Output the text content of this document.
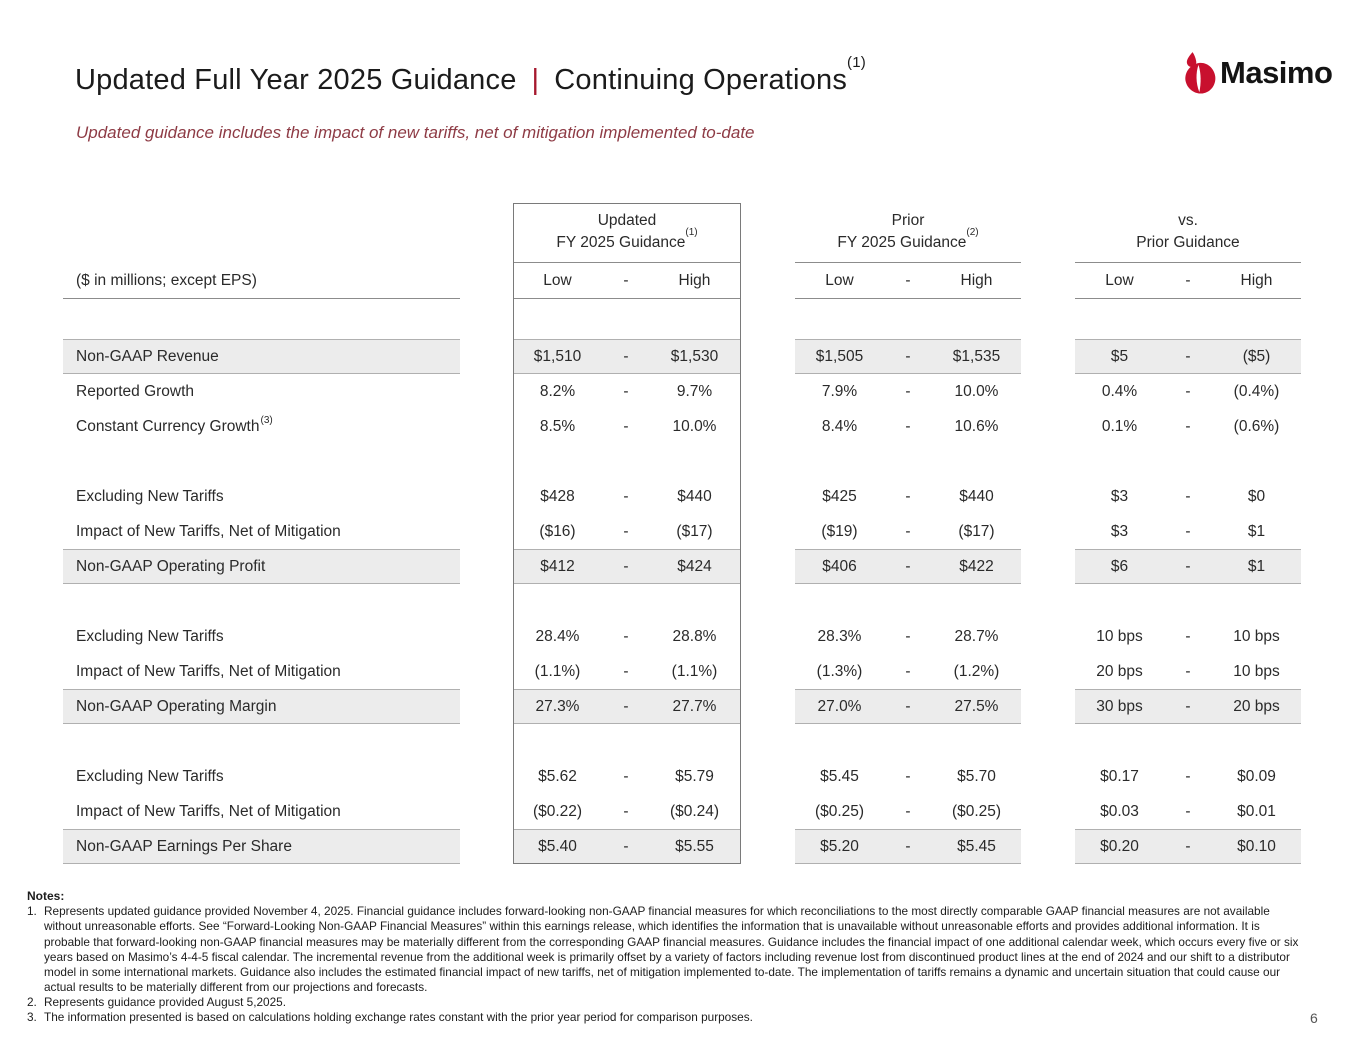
Updated Full Year 2025 Guidance | Continuing Operations$^{(1)}$
Updated guidance includes the impact of new tariffs, net of mitigation implemented to-date
Masimo
Updated
FY 2025 Guidance$^{(1)}$
Prior
FY 2025 Guidance$^{(2)}$
vs.
Prior Guidance
($ in millions; except EPS)	Low	-	High	Low	-	High	Low	-	High
Non-GAAP Revenue	$1,510	-	$1,530	$1,505	-	$1,535	$5	-	($5)
Reported Growth	8.2%	-	9.7%	7.9%	-	10.0%	0.4%	-	(0.4%)
Constant Currency Growth$^{(3)}$	8.5%	-	10.0%	8.4%	-	10.6%	0.1%	-	(0.6%)
Excluding New Tariffs	$428	-	$440	$425	-	$440	$3	-	$0
Impact of New Tariffs, Net of Mitigation	($16)	-	($17)	($19)	-	($17)	$3	-	$1
Non-GAAP Operating Profit	$412	-	$424	$406	-	$422	$6	-	$1
Excluding New Tariffs	28.4%	-	28.8%	28.3%	-	28.7%	10 bps	-	10 bps
Impact of New Tariffs, Net of Mitigation	(1.1%)	-	(1.1%)	(1.3%)	-	(1.2%)	20 bps	-	10 bps
Non-GAAP Operating Margin	27.3%	-	27.7%	27.0%	-	27.5%	30 bps	-	20 bps
Excluding New Tariffs	$5.62	-	$5.79	$5.45	-	$5.70	$0.17	-	$0.09
Impact of New Tariffs, Net of Mitigation	($0.22)	-	($0.24)	($0.25)	-	($0.25)	$0.03	-	$0.01
Non-GAAP Earnings Per Share	$5.40	-	$5.55	$5.20	-	$5.45	$0.20	-	$0.10
Notes:
1. Represents updated guidance provided November 4, 2025. Financial guidance includes forward-looking non-GAAP financial measures for which reconciliations to the most directly comparable GAAP financial measures are not available without unreasonable efforts. See “Forward-Looking Non-GAAP Financial Measures” within this earnings release, which identifies the information that is unavailable without unreasonable efforts and provides additional information. It is probable that forward-looking non-GAAP financial measures may be materially different from the corresponding GAAP financial measures. Guidance includes the financial impact of one additional calendar week, which occurs every five or six years based on Masimo’s 4-4-5 fiscal calendar. The incremental revenue from the additional week is primarily offset by a variety of factors including revenue lost from discontinued product lines at the end of 2024 and our shift to a distributor model in some international markets. Guidance also includes the estimated financial impact of new tariffs, net of mitigation implemented to-date. The implementation of tariffs remains a dynamic and uncertain situation that could cause our actual results to be materially different from our projections and forecasts.
2. Represents guidance provided August 5,2025.
3. The information presented is based on calculations holding exchange rates constant with the prior year period for comparison purposes.	6
